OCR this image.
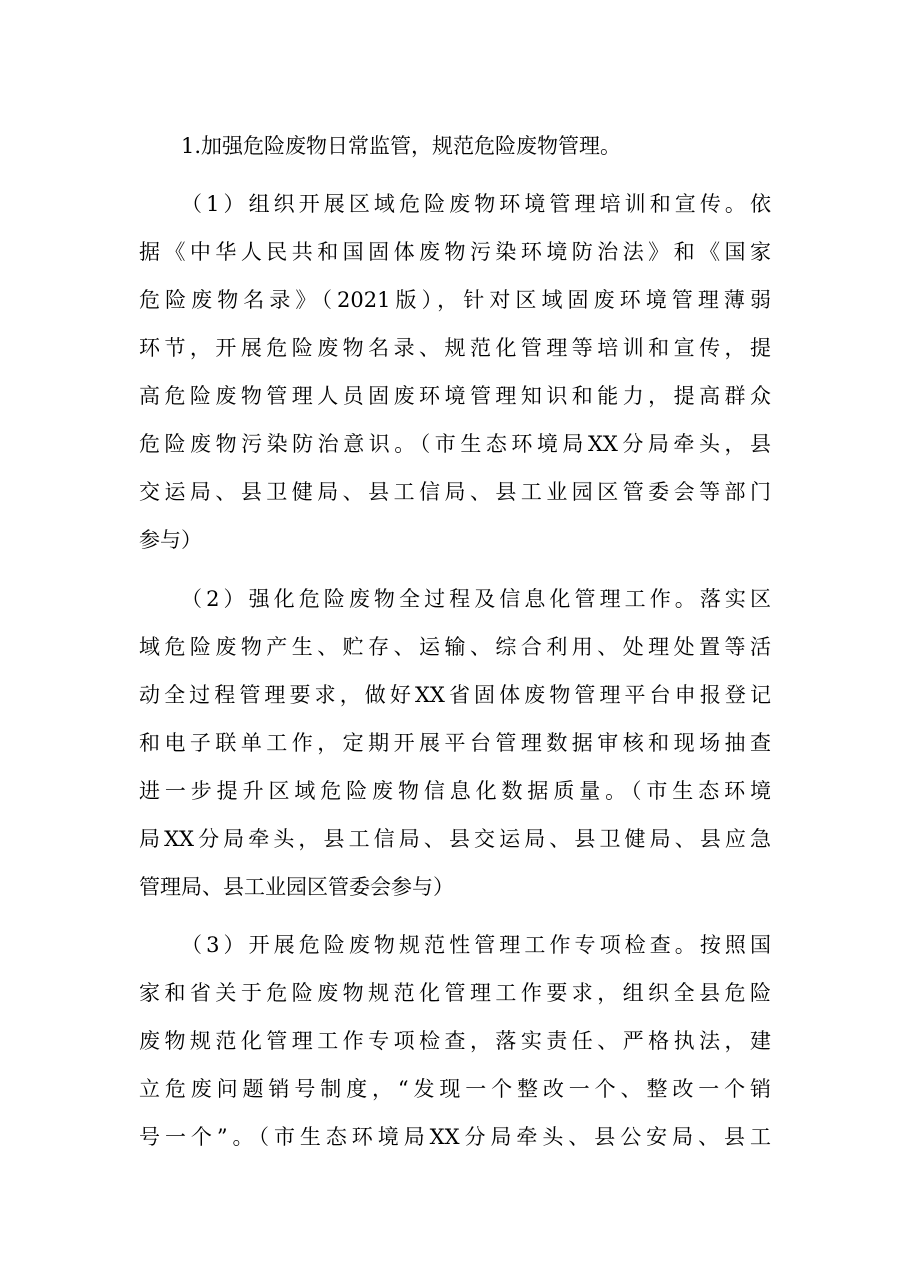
1.加强危险废物日常监管，规范危险废物管理。
（1）组织开展区域危险废物环境管理培训和宣传。依
据《中华人民共和国固体废物污染环境防治法》和《国家
危险废物名录》（2021版），针对区域固废环境管理薄弱
环节，开展危险废物名录、规范化管理等培训和宣传，提
高危险废物管理人员固废环境管理知识和能力，提高群众
危险废物污染防治意识。（市生态环境局XX分局牵头，县
交运局、县卫健局、县工信局、县工业园区管委会等部门
参与）
（2）强化危险废物全过程及信息化管理工作。落实区
域危险废物产生、贮存、运输、综合利用、处理处置等活
动全过程管理要求，做好XX省固体废物管理平台申报登记
和电子联单工作，定期开展平台管理数据审核和现场抽查
进一步提升区域危险废物信息化数据质量。（市生态环境
局XX分局牵头，县工信局、县交运局、县卫健局、县应急
管理局、县工业园区管委会参与）
（3）开展危险废物规范性管理工作专项检查。按照国
家和省关于危险废物规范化管理工作要求，组织全县危险
废物规范化管理工作专项检查，落实责任、严格执法，建
立危废问题销号制度，“发现一个整改一个、整改一个销
号一个”。（市生态环境局XX分局牵头、县公安局、县工
